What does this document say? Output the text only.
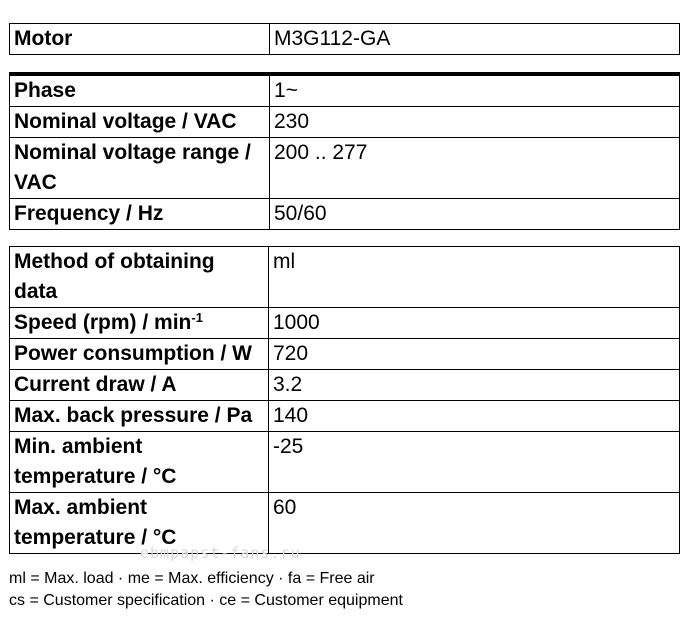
Motor	M3G112-GA
Phase	1~
Nominal voltage / VAC	230
Nominal voltage range / VAC	200 .. 277
Frequency / Hz	50/60
Method of obtaining data	ml
Speed $(rpm) / \min^{-1}$	1000
Power consumption / W	720
Current draw / A	3.2
Max. back pressure / Pa	140

Min. ambient temperature / °C	-25

Max. ambient temperature / °C	60
ebmpapst-fans.ru
ml = Max. load · me = Max. efficiency · fa = Free air
cs = Customer specification · ce = Customer equipment
